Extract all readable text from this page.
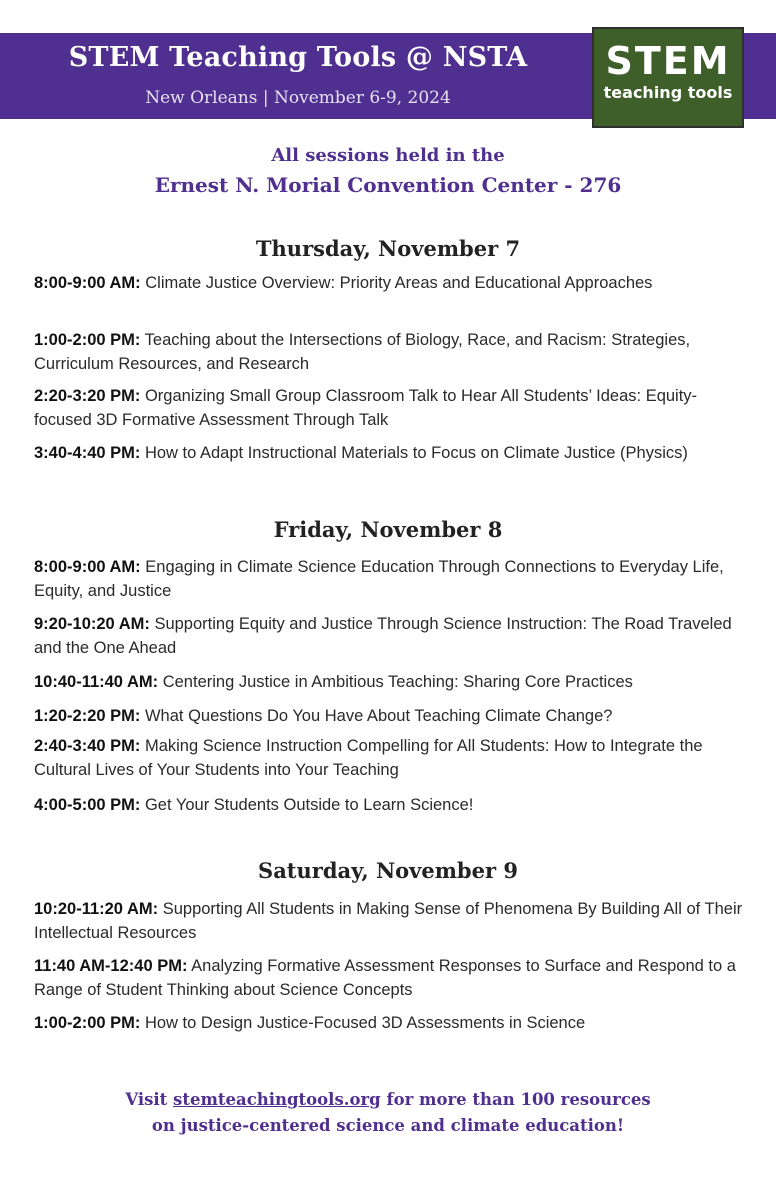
STEM Teaching Tools @ NSTA
New Orleans | November 6-9, 2024
STEM
teaching tools
All sessions held in the
Ernest N. Morial Convention Center - 276
Thursday, November 7
8:00-9:00 AM: Climate Justice Overview: Priority Areas and Educational Approaches
1:00-2:00 PM: Teaching about the Intersections of Biology, Race, and Racism: Strategies, Curriculum Resources, and Research
2:20-3:20 PM: Organizing Small Group Classroom Talk to Hear All Students’ Ideas: Equity-focused 3D Formative Assessment Through Talk
3:40-4:40 PM: How to Adapt Instructional Materials to Focus on Climate Justice (Physics)
Friday, November 8
8:00-9:00 AM: Engaging in Climate Science Education Through Connections to Everyday Life, Equity, and Justice
9:20-10:20 AM: Supporting Equity and Justice Through Science Instruction: The Road Traveled and the One Ahead
10:40-11:40 AM: Centering Justice in Ambitious Teaching: Sharing Core Practices
1:20-2:20 PM: What Questions Do You Have About Teaching Climate Change?
2:40-3:40 PM: Making Science Instruction Compelling for All Students: How to Integrate the Cultural Lives of Your Students into Your Teaching
4:00-5:00 PM: Get Your Students Outside to Learn Science!
Saturday, November 9
10:20-11:20 AM: Supporting All Students in Making Sense of Phenomena By Building All of Their Intellectual Resources
11:40 AM-12:40 PM: Analyzing Formative Assessment Responses to Surface and Respond to a Range of Student Thinking about Science Concepts
1:00-2:00 PM: How to Design Justice-Focused 3D Assessments in Science
Visit stemteachingtools.org for more than 100 resources
on justice-centered science and climate education!
